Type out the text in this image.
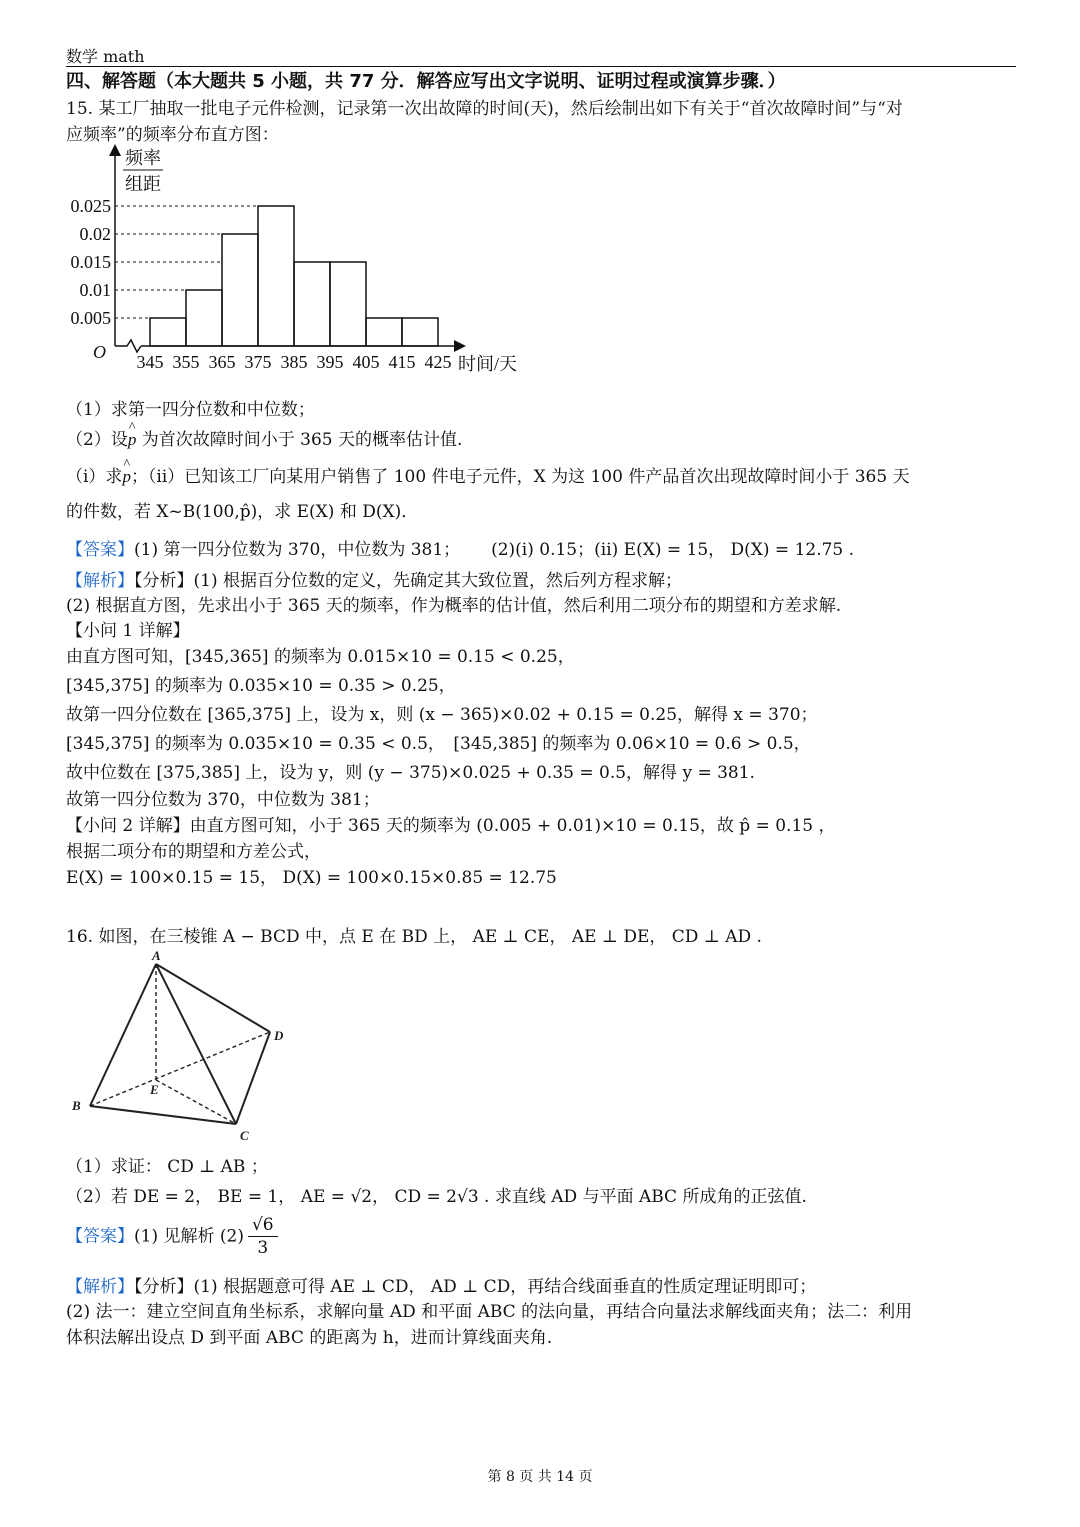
数学 math
四、解答题（本大题共 5 小题，共 77 分．解答应写出文字说明、证明过程或演算步骤．）
15. 某工厂抽取一批电子元件检测，记录第一次出故障的时间(天)，然后绘制出如下有关于“首次故障时间”与“对
应频率”的频率分布直方图：
0.005
0.01
0.015
0.02
0.025
345 355 365 375 385 395 405 415 425
O
频率
组距
时间/天
（1）求第一四分位数和中位数；
（2）设^ p 为首次故障时间小于 365 天的概率估计值.
（ⅰ）求^ p；（ⅱ）已知该工厂向某用户销售了 100 件电子元件，X 为这 100 件产品首次出现故障时间小于 365 天
的件数，若 X~B(100,p̂)，求 E(X) 和 D(X)．
【答案】(1) 第一四分位数为 370，中位数为 381；　　 (2)(ⅰ) 0.15；(ⅱ) E(X) = 15， D(X) = 12.75 .
【解析】【分析】(1) 根据百分位数的定义，先确定其大致位置，然后列方程求解；
(2) 根据直方图，先求出小于 365 天的频率，作为概率的估计值，然后利用二项分布的期望和方差求解.
【小问 1 详解】
由直方图可知，[345,365] 的频率为 0.015×10 = 0.15 < 0.25，
[345,375] 的频率为 0.035×10 = 0.35 > 0.25，
故第一四分位数在 [365,375] 上，设为 x，则 (x − 365)×0.02 + 0.15 = 0.25，解得 x = 370；
[345,375] 的频率为 0.035×10 = 0.35 < 0.5，　[345,385] 的频率为 0.06×10 = 0.6 > 0.5，
故中位数在 [375,385] 上，设为 y，则 (y − 375)×0.025 + 0.35 = 0.5，解得 y = 381.
故第一四分位数为 370，中位数为 381；
【小问 2 详解】由直方图可知，小于 365 天的频率为 (0.005 + 0.01)×10 = 0.15，故 p̂ = 0.15 ，
根据二项分布的期望和方差公式，
E(X) = 100×0.15 = 15， D(X) = 100×0.15×0.85 = 12.75
16. 如图，在三棱锥 A − BCD 中，点 E 在 BD 上， AE ⊥ CE， AE ⊥ DE， CD ⊥ AD .
A
B
C
D
E
（1）求证： CD ⊥ AB ；
（2）若 DE = 2， BE = 1， AE = √2， CD = 2√3 . 求直线 AD 与平面 ABC 所成角的正弦值.
【答案】(1) 见解析 $(2) \frac{√6}{3}$
【解析】【分析】(1) 根据题意可得 AE ⊥ CD， AD ⊥ CD，再结合线面垂直的性质定理证明即可；
(2) 法一：建立空间直角坐标系，求解向量 AD 和平面 ABC 的法向量，再结合向量法求解线面夹角；法二：利用
体积法解出设点 D 到平面 ABC 的距离为 h，进而计算线面夹角.
第 8 页 共 14 页
